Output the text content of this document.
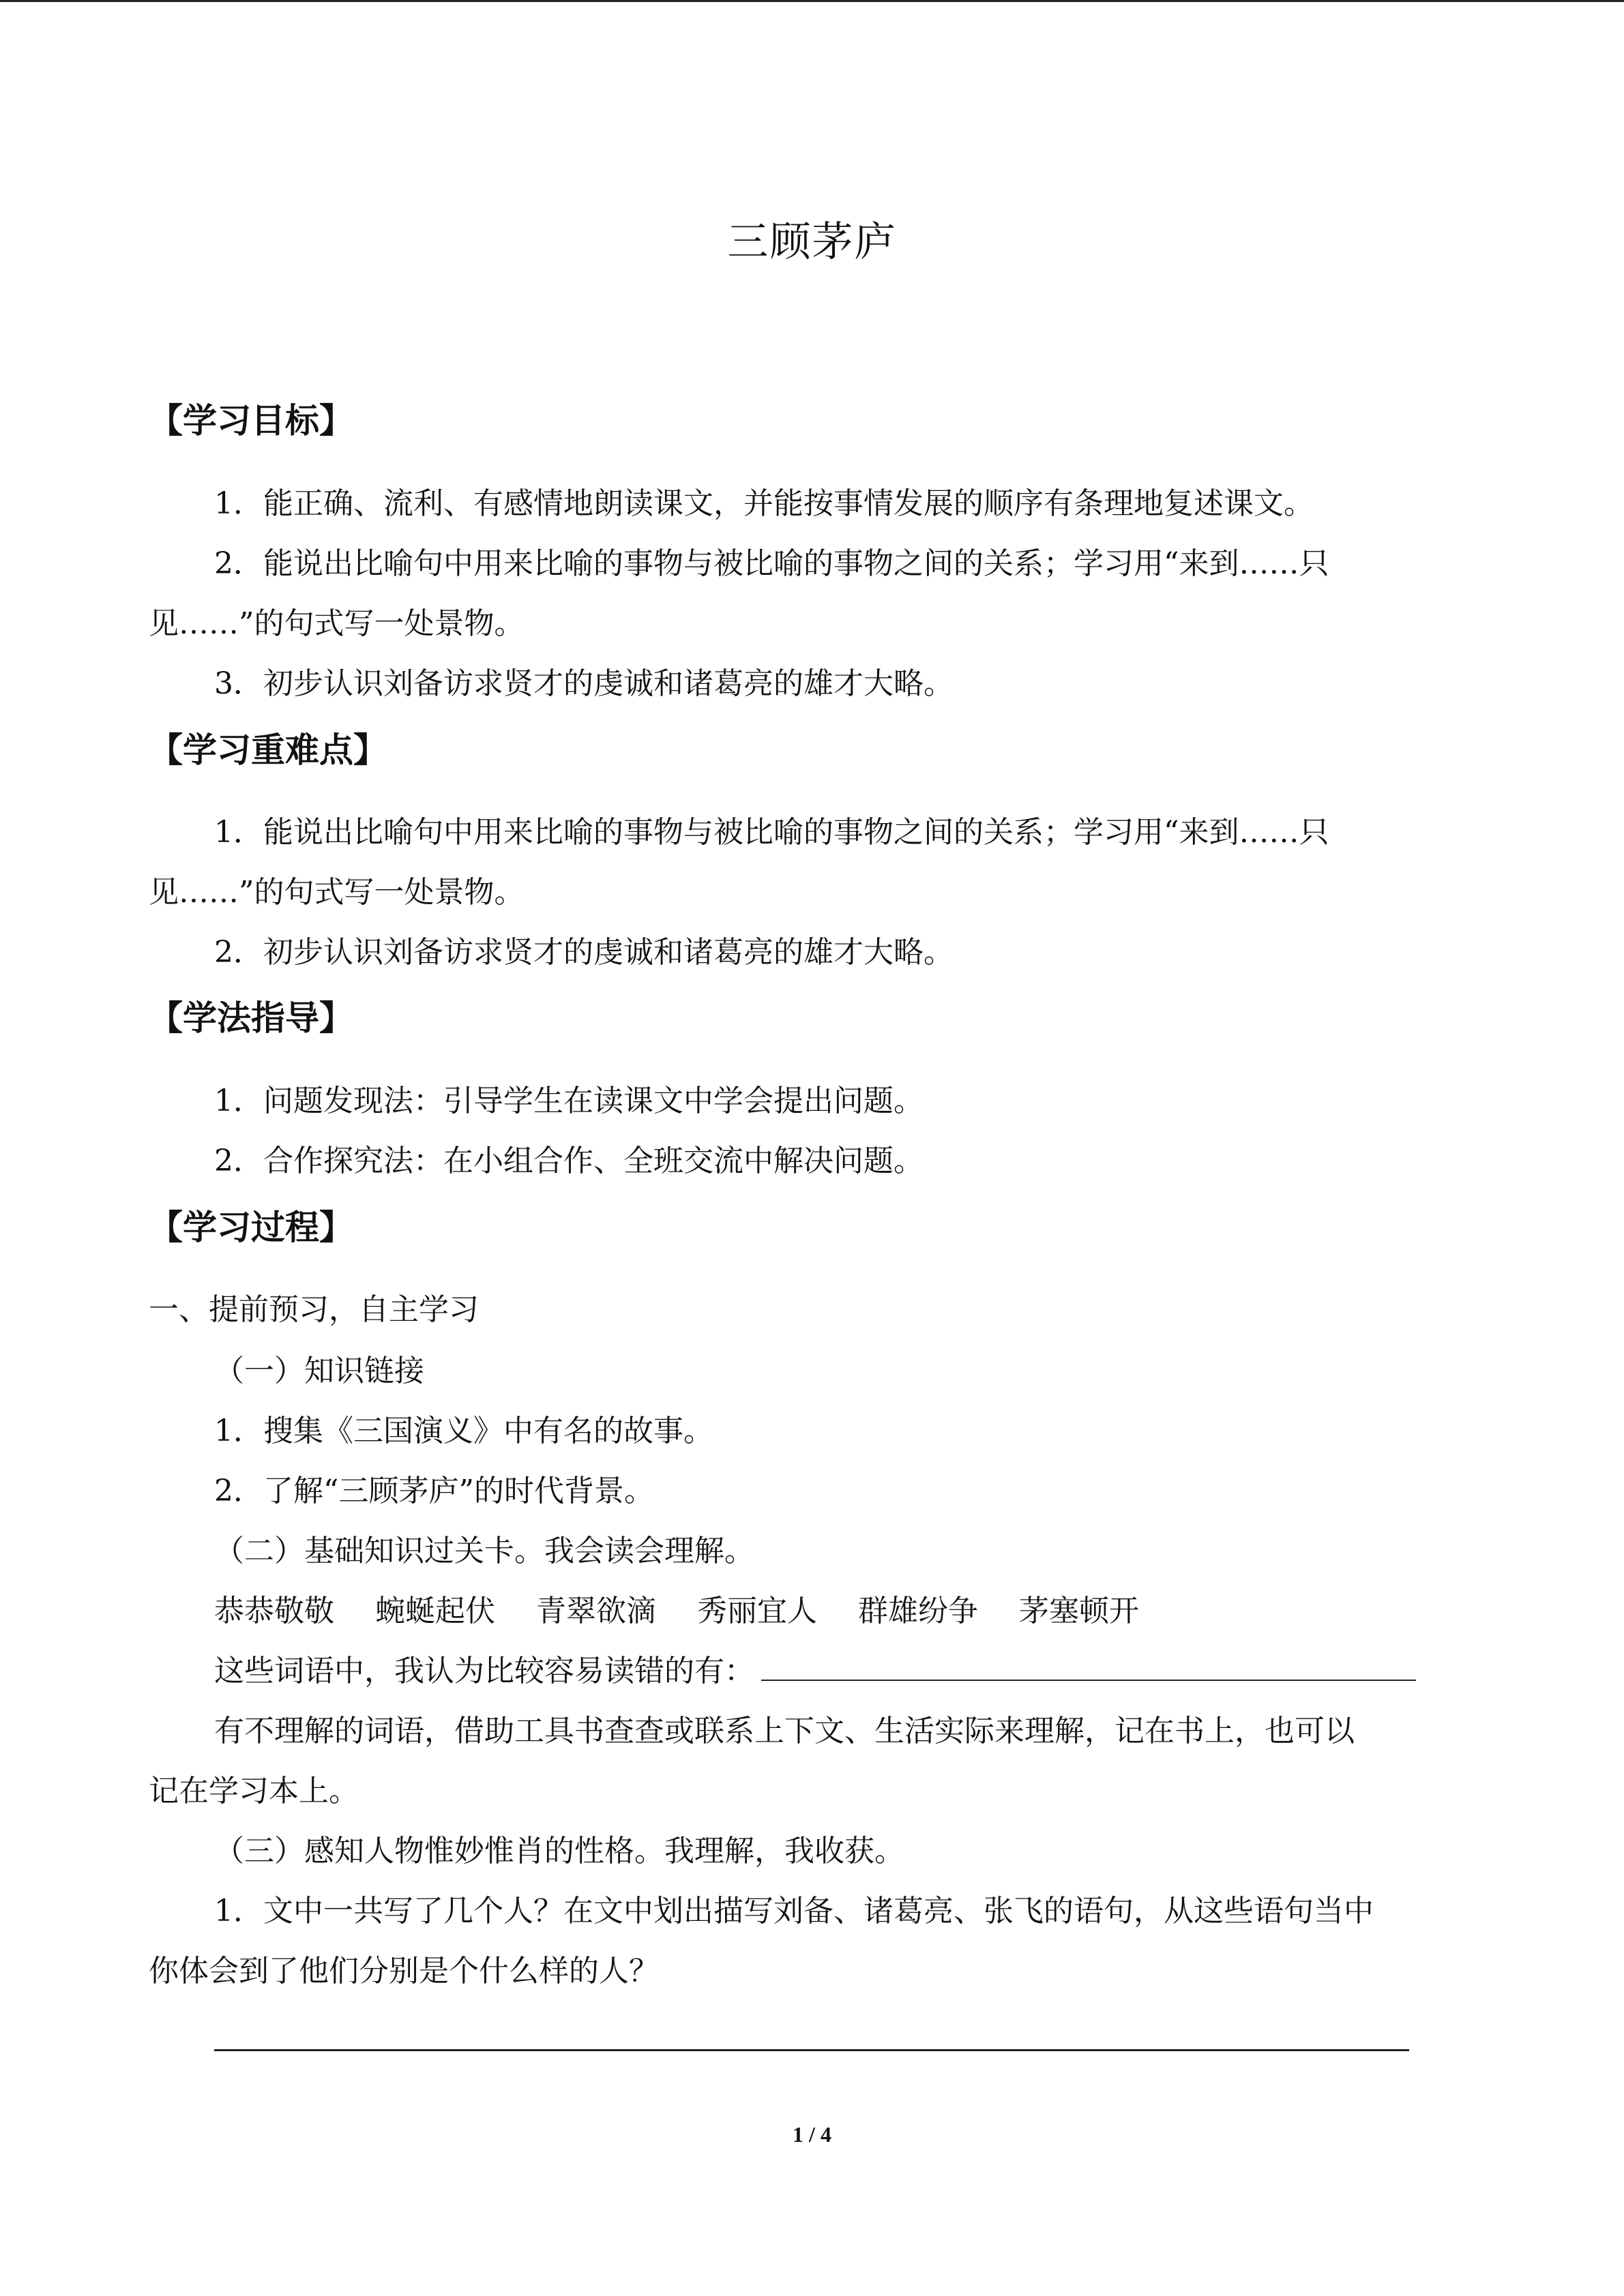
三顾茅庐
【学习目标】
1．能正确、流利、有感情地朗读课文，并能按事情发展的顺序有条理地复述课文。
2．能说出比喻句中用来比喻的事物与被比喻的事物之间的关系；学习用“来到……只
见……”的句式写一处景物。
3．初步认识刘备访求贤才的虔诚和诸葛亮的雄才大略。
【学习重难点】
1．能说出比喻句中用来比喻的事物与被比喻的事物之间的关系；学习用“来到……只
见……”的句式写一处景物。
2．初步认识刘备访求贤才的虔诚和诸葛亮的雄才大略。
【学法指导】
1．问题发现法：引导学生在读课文中学会提出问题。
2．合作探究法：在小组合作、全班交流中解决问题。
【学习过程】
一、提前预习，自主学习
（一）知识链接
1．搜集《三国演义》中有名的故事。
2．了解“三顾茅庐”的时代背景。
（二）基础知识过关卡。我会读会理解。
恭恭敬敬 蜿蜒起伏 青翠欲滴 秀丽宜人 群雄纷争 茅塞顿开
这些词语中，我认为比较容易读错的有：
有不理解的词语，借助工具书查查或联系上下文、生活实际来理解，记在书上，也可以
记在学习本上。
（三）感知人物惟妙惟肖的性格。我理解，我收获。
1．文中一共写了几个人？在文中划出描写刘备、诸葛亮、张飞的语句，从这些语句当中
你体会到了他们分别是个什么样的人？
1 / 4
